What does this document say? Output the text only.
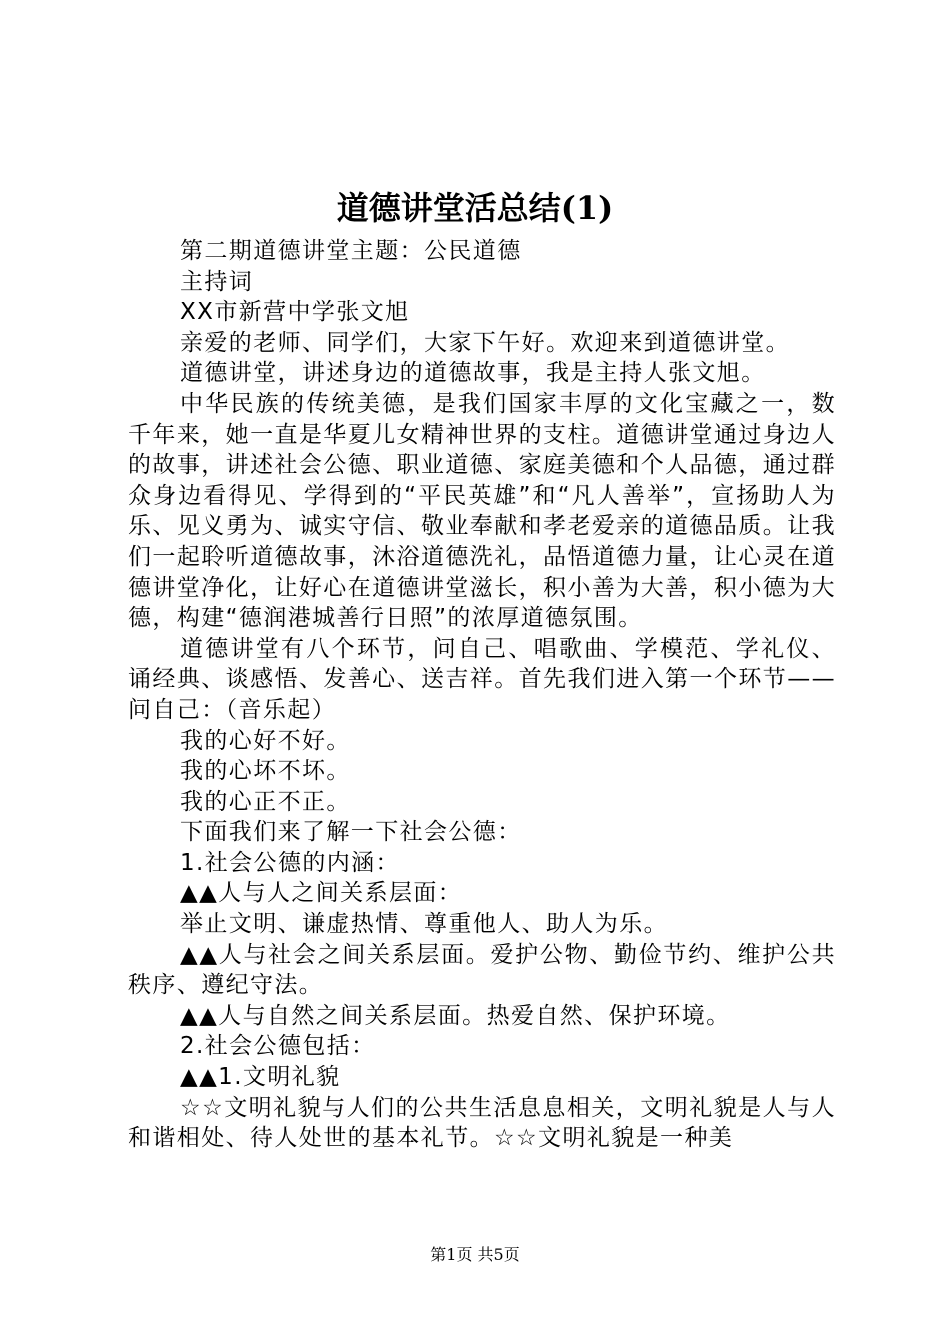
道德讲堂活总结(1)

第二期道德讲堂主题：公民道德

主持词

XX市新营中学张文旭

亲爱的老师、同学们，大家下午好。欢迎来到道德讲堂。

道德讲堂，讲述身边的道德故事，我是主持人张文旭。

中华民族的传统美德，是我们国家丰厚的文化宝藏之一，数千年来，她一直是华夏儿女精神世界的支柱。道德讲堂通过身边人的故事，讲述社会公德、职业道德、家庭美德和个人品德，通过群众身边看得见、学得到的“平民英雄”和“凡人善举”，宣扬助人为乐、见义勇为、诚实守信、敬业奉献和孝老爱亲的道德品质。让我们一起聆听道德故事，沐浴道德洗礼，品悟道德力量，让心灵在道德讲堂净化，让好心在道德讲堂滋长，积小善为大善，积小德为大德，构建“德润港城善行日照”的浓厚道德氛围。

道德讲堂有八个环节，问自己、唱歌曲、学模范、学礼仪、诵经典、谈感悟、发善心、送吉祥。首先我们进入第一个环节——问自己：（音乐起）

我的心好不好。

我的心坏不坏。

我的心正不正。

下面我们来了解一下社会公德：

1.社会公德的内涵：

▲▲人与人之间关系层面：

举止文明、谦虚热情、尊重他人、助人为乐。

▲▲人与社会之间关系层面。爱护公物、勤俭节约、维护公共秩序、遵纪守法。

▲▲人与自然之间关系层面。热爱自然、保护环境。

2.社会公德包括：

▲▲1.文明礼貌

☆☆文明礼貌与人们的公共生活息息相关，文明礼貌是人与人和谐相处、待人处世的基本礼节。☆☆文明礼貌是一种美

第1页 共5页
